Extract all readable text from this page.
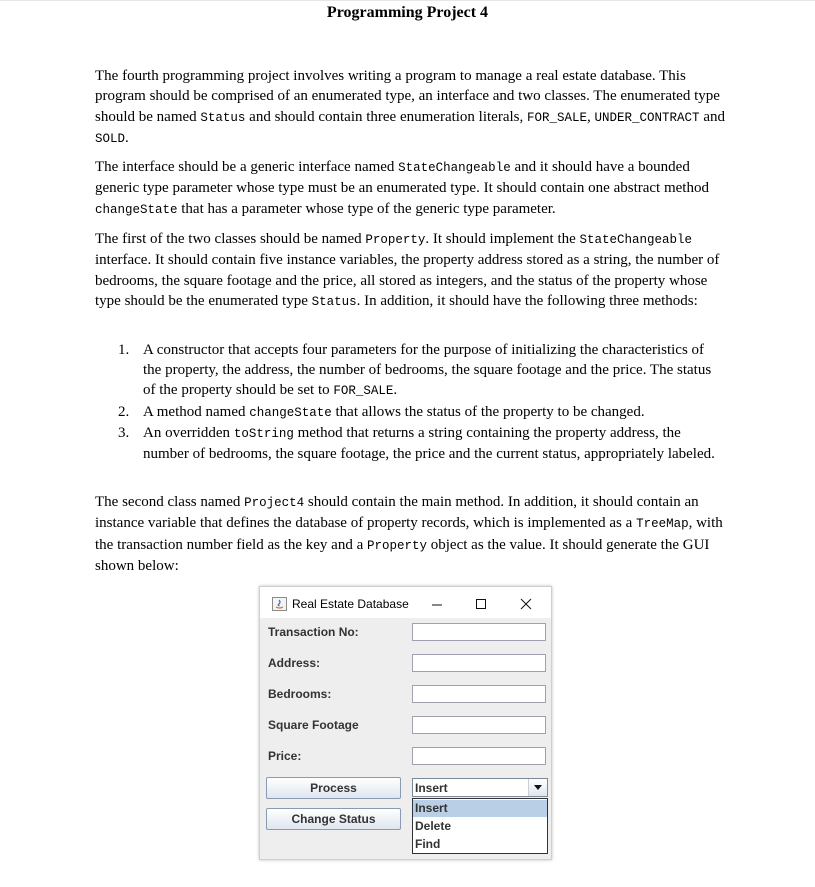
Programming Project 4

The fourth programming project involves writing a program to manage a real estate database. This program should be comprised of an enumerated type, an interface and two classes. The enumerated type should be named Status and should contain three enumeration literals, FOR_SALE, UNDER_CONTRACT and SOLD.

The interface should be a generic interface named StateChangeable and it should have a bounded generic type parameter whose type must be an enumerated type. It should contain one abstract method changeState that has a parameter whose type of the generic type parameter.

The first of the two classes should be named Property. It should implement the StateChangeable interface. It should contain five instance variables, the property address stored as a string, the number of bedrooms, the square footage and the price, all stored as integers, and the status of the property whose type should be the enumerated type Status. In addition, it should have the following three methods:

1. A constructor that accepts four parameters for the purpose of initializing the characteristics of the property, the address, the number of bedrooms, the square footage and the price. The status of the property should be set to FOR_SALE.
2. A method named changeState that allows the status of the property to be changed.
3. An overridden toString method that returns a string containing the property address, the number of bedrooms, the square footage, the price and the current status, appropriately labeled.

The second class named Project4 should contain the main method. In addition, it should contain an instance variable that defines the database of property records, which is implemented as a TreeMap, with the transaction number field as the key and a Property object as the value. It should generate the GUI shown below:

Real Estate Database
Transaction No:
Address:
Bedrooms:
Square Footage
Price:
Process
Change Status
Insert
Insert
Delete
Find
